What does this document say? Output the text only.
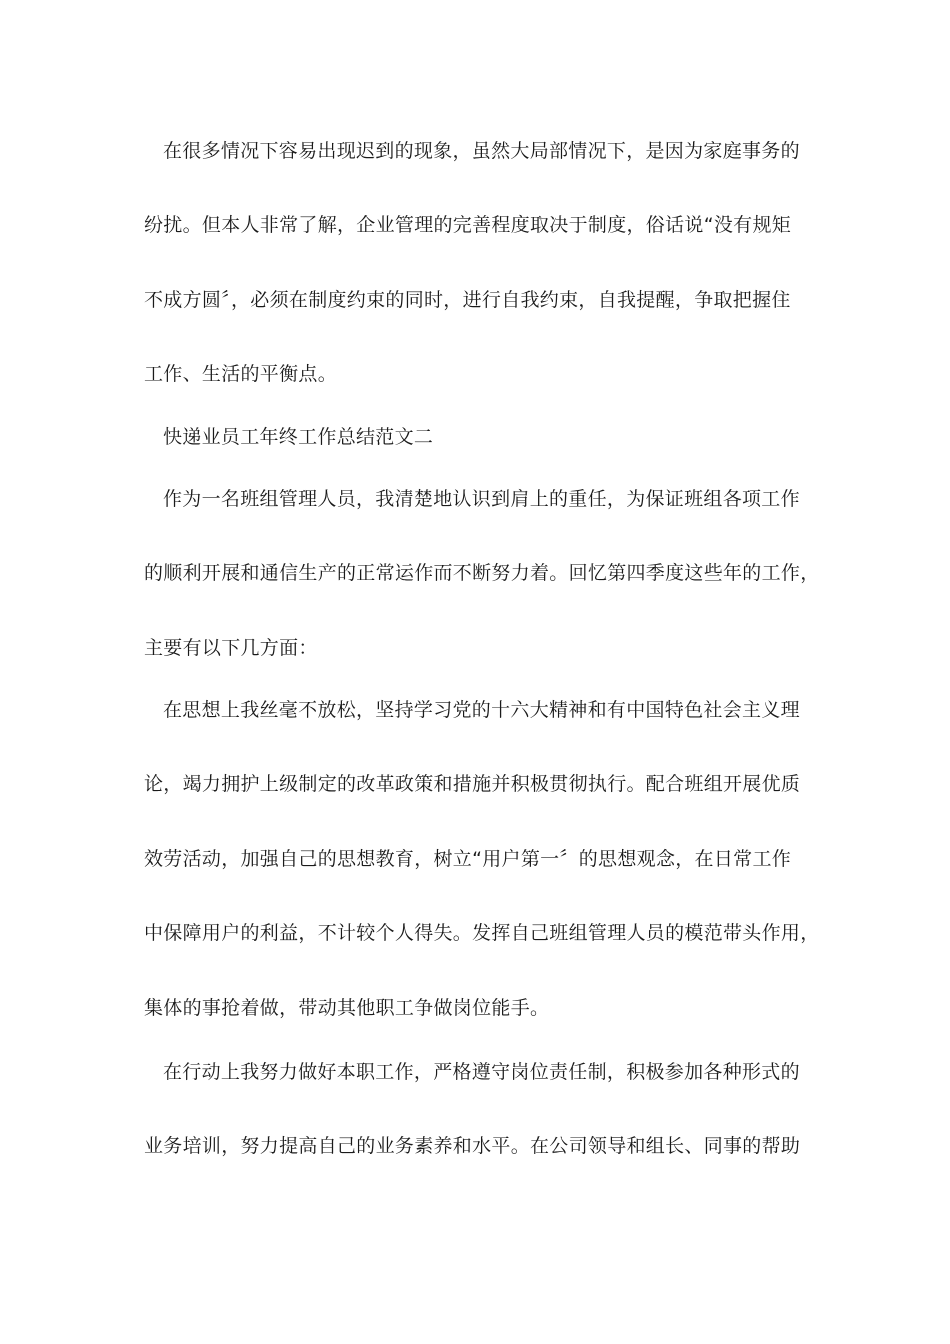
在很多情况下容易出现迟到的现象，虽然大局部情况下，是因为家庭事务的
纷扰。但本人非常了解，企业管理的完善程度取决于制度，俗话说“没有规矩
不成方圆〞，必须在制度约束的同时，进行自我约束，自我提醒，争取把握住
工作、生活的平衡点。
快递业员工年终工作总结范文二
作为一名班组管理人员，我清楚地认识到肩上的重任，为保证班组各项工作
的顺利开展和通信生产的正常运作而不断努力着。回忆第四季度这些年的工作，
主要有以下几方面：
在思想上我丝毫不放松，坚持学习党的十六大精神和有中国特色社会主义理
论，竭力拥护上级制定的改革政策和措施并积极贯彻执行。配合班组开展优质
效劳活动，加强自己的思想教育，树立“用户第一〞的思想观念，在日常工作
中保障用户的利益，不计较个人得失。发挥自己班组管理人员的模范带头作用，
集体的事抢着做，带动其他职工争做岗位能手。
在行动上我努力做好本职工作，严格遵守岗位责任制，积极参加各种形式的
业务培训，努力提高自己的业务素养和水平。在公司领导和组长、同事的帮助
